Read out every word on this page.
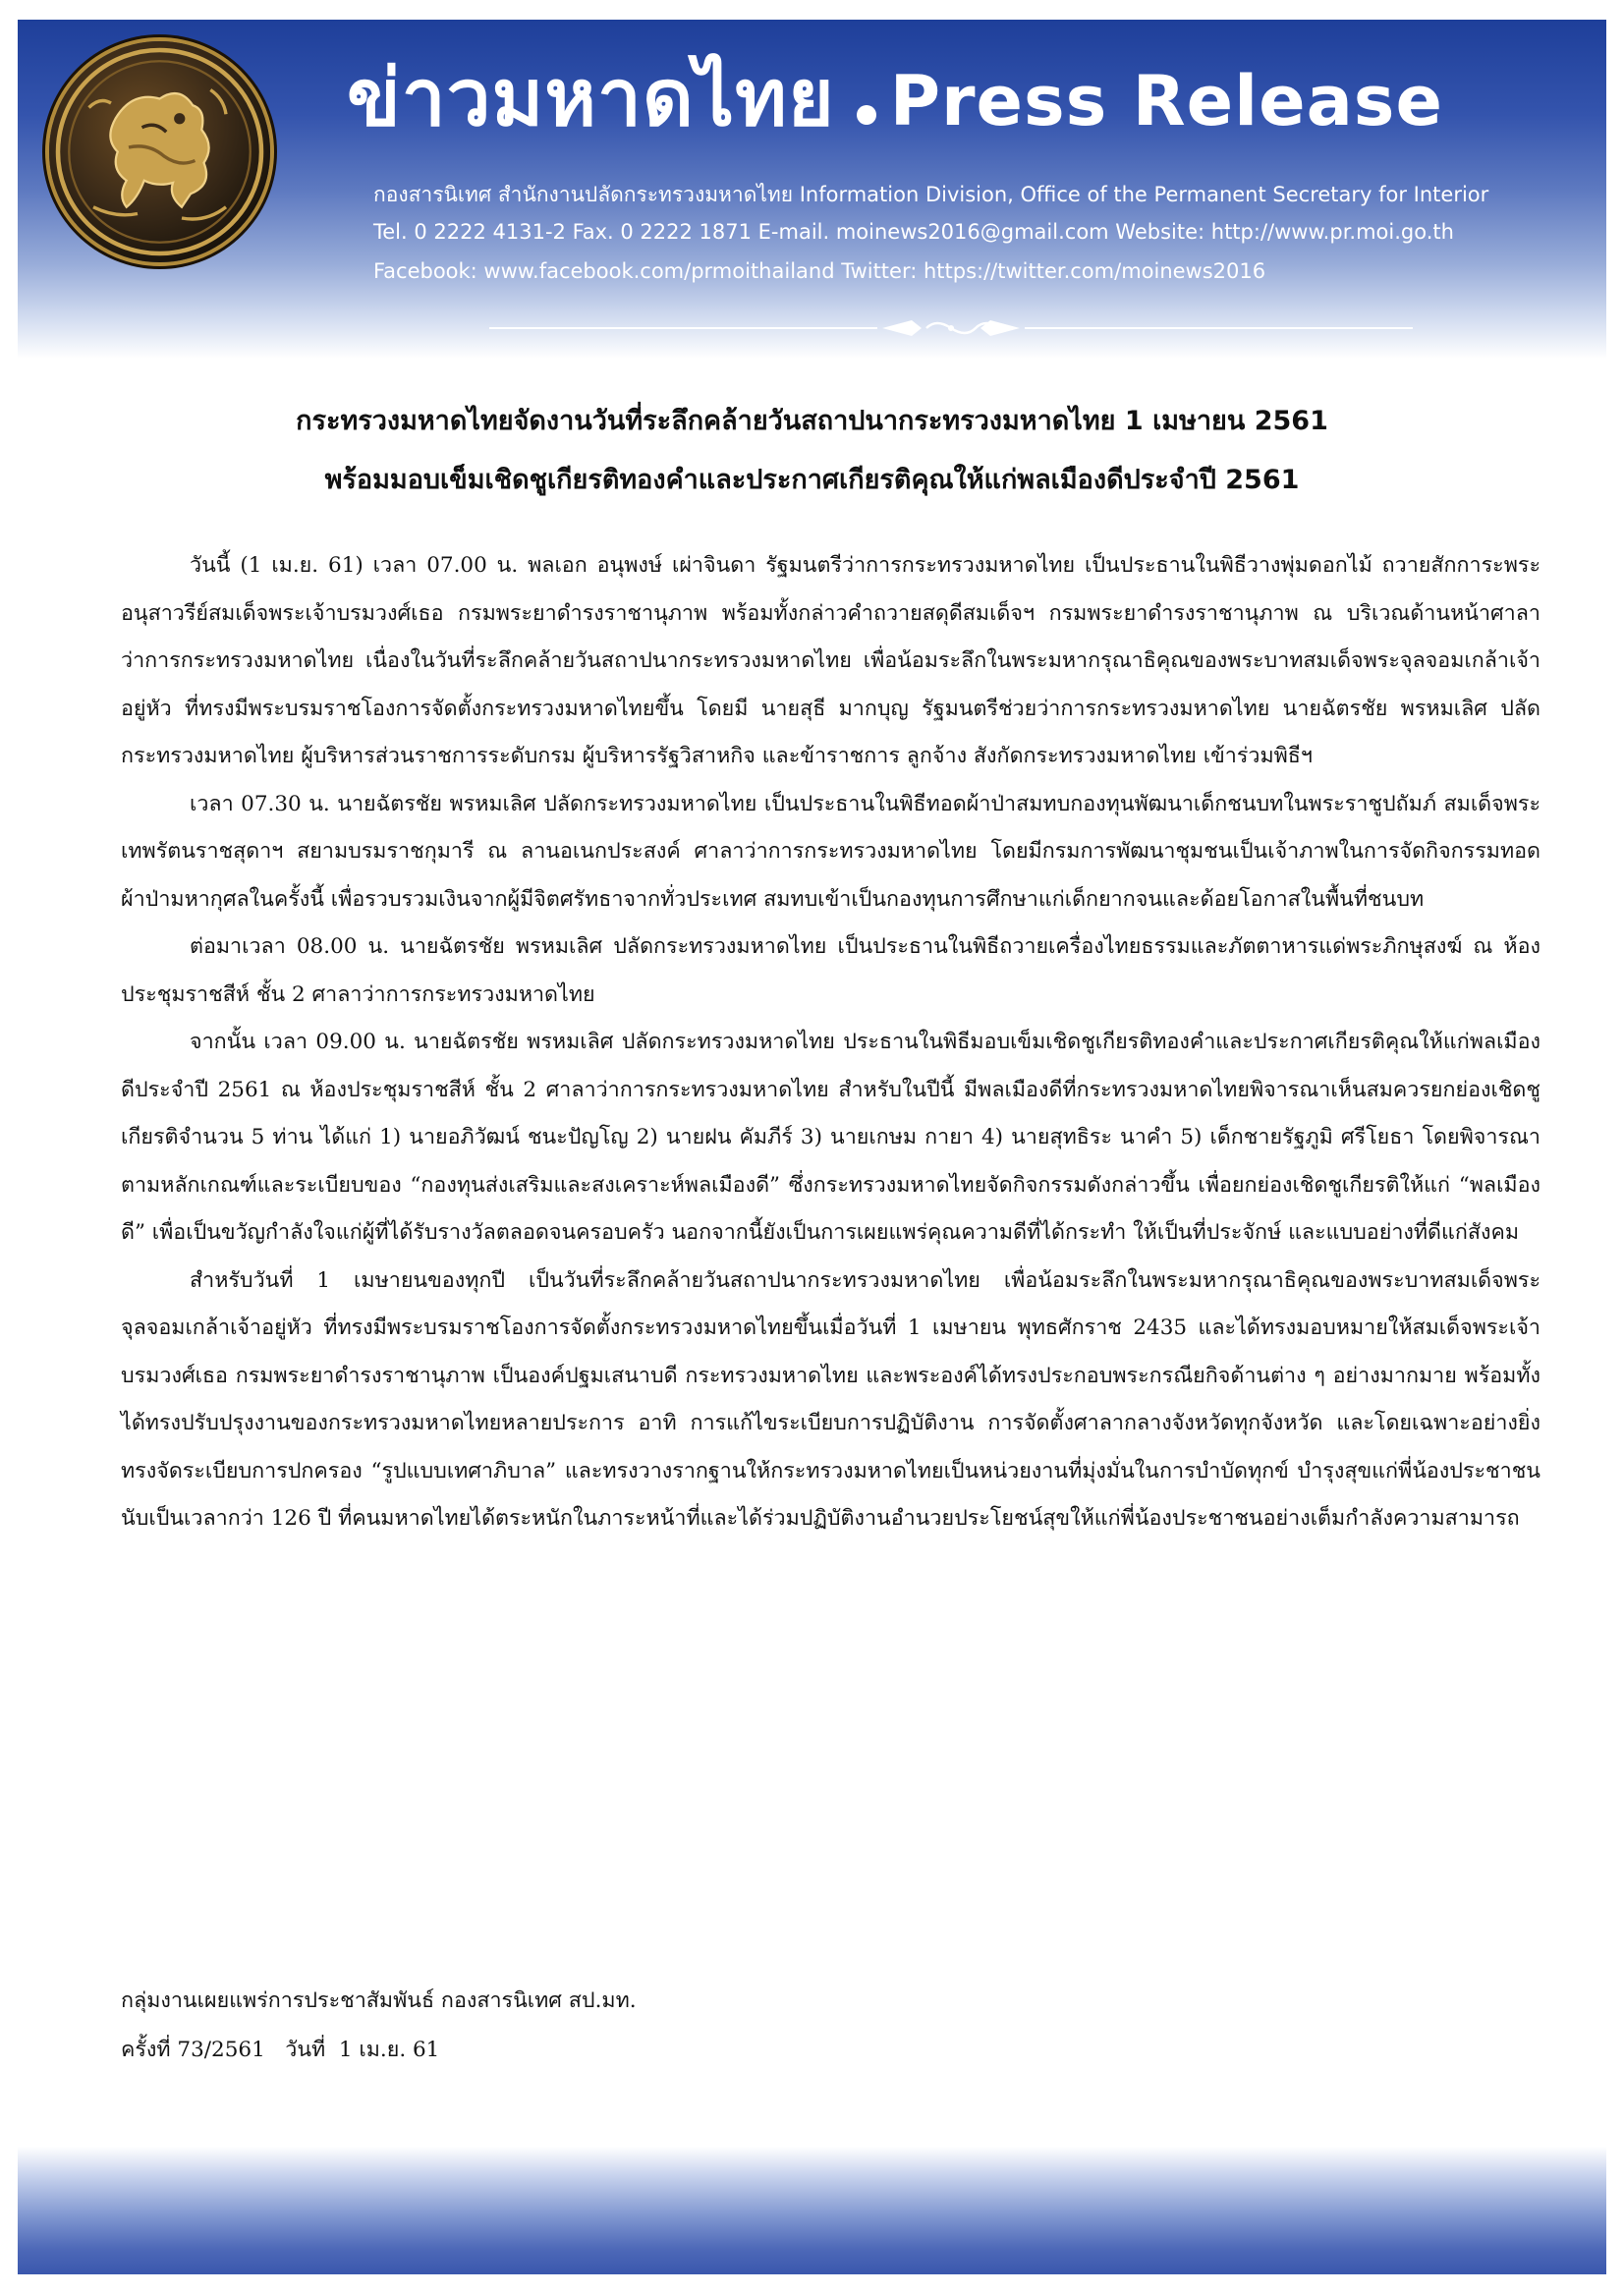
ข่าวมหาดไทย Press Release
กองสารนิเทศ สำนักงานปลัดกระทรวงมหาดไทย Information Division, Office of the Permanent Secretary for Interior
Tel. 0 2222 4131-2 Fax. 0 2222 1871 E-mail. moinews2016@gmail.com Website: http://www.pr.moi.go.th
Facebook: www.facebook.com/prmoithailand Twitter: https://twitter.com/moinews2016
กระทรวงมหาดไทยจัดงานวันที่ระลึกคล้ายวันสถาปนากระทรวงมหาดไทย 1 เมษายน 2561
พร้อมมอบเข็มเชิดชูเกียรติทองคำและประกาศเกียรติคุณให้แก่พลเมืองดีประจำปี 2561

วันนี้ (1 เม.ย. 61) เวลา 07.00 น. พลเอก อนุพงษ์ เผ่าจินดา รัฐมนตรีว่าการกระทรวงมหาดไทย เป็นประธานในพิธีวางพุ่มดอกไม้ ถวายสักการะพระอนุสาวรีย์สมเด็จพระเจ้าบรมวงศ์เธอ กรมพระยาดำรงราชานุภาพ พร้อมทั้งกล่าวคำถวายสดุดีสมเด็จฯ กรมพระยาดำรงราชานุภาพ ณ บริเวณด้านหน้าศาลาว่าการกระทรวงมหาดไทย เนื่องในวันที่ระลึกคล้ายวันสถาปนากระทรวงมหาดไทย เพื่อน้อมระลึกในพระมหากรุณาธิคุณของพระบาทสมเด็จพระจุลจอมเกล้าเจ้าอยู่หัว ที่ทรงมีพระบรมราชโองการจัดตั้งกระทรวงมหาดไทยขึ้น โดยมี นายสุธี มากบุญ รัฐมนตรีช่วยว่าการกระทรวงมหาดไทย นายฉัตรชัย พรหมเลิศ ปลัดกระทรวงมหาดไทย ผู้บริหารส่วนราชการระดับกรม ผู้บริหารรัฐวิสาหกิจ และข้าราชการ ลูกจ้าง สังกัดกระทรวงมหาดไทย เข้าร่วมพิธีฯ

เวลา 07.30 น. นายฉัตรชัย พรหมเลิศ ปลัดกระทรวงมหาดไทย เป็นประธานในพิธีทอดผ้าป่าสมทบกองทุนพัฒนาเด็กชนบทในพระราชูปถัมภ์ สมเด็จพระเทพรัตนราชสุดาฯ สยามบรมราชกุมารี ณ ลานอเนกประสงค์ ศาลาว่าการกระทรวงมหาดไทย โดยมีกรมการพัฒนาชุมชนเป็นเจ้าภาพในการจัดกิจกรรมทอดผ้าป่ามหากุศลในครั้งนี้ เพื่อรวบรวมเงินจากผู้มีจิตศรัทธาจากทั่วประเทศ สมทบเข้าเป็นกองทุนการศึกษาแก่เด็กยากจนและด้อยโอกาสในพื้นที่ชนบท

ต่อมาเวลา 08.00 น. นายฉัตรชัย พรหมเลิศ ปลัดกระทรวงมหาดไทย เป็นประธานในพิธีถวายเครื่องไทยธรรมและภัตตาหารแด่พระภิกษุสงฆ์ ณ ห้องประชุมราชสีห์ ชั้น 2 ศาลาว่าการกระทรวงมหาดไทย

จากนั้น เวลา 09.00 น. นายฉัตรชัย พรหมเลิศ ปลัดกระทรวงมหาดไทย ประธานในพิธีมอบเข็มเชิดชูเกียรติทองคำและประกาศเกียรติคุณให้แก่พลเมืองดีประจำปี 2561 ณ ห้องประชุมราชสีห์ ชั้น 2 ศาลาว่าการกระทรวงมหาดไทย สำหรับในปีนี้ มีพลเมืองดีที่กระทรวงมหาดไทยพิจารณาเห็นสมควรยกย่องเชิดชูเกียรติจำนวน 5 ท่าน ได้แก่ 1) นายอภิวัฒน์ ชนะปัญโญ 2) นายฝน คัมภีร์ 3) นายเกษม กายา 4) นายสุทธิระ นาคำ 5) เด็กชายรัฐภูมิ ศรีโยธา โดยพิจารณาตามหลักเกณฑ์และระเบียบของ “กองทุนส่งเสริมและสงเคราะห์พลเมืองดี” ซึ่งกระทรวงมหาดไทยจัดกิจกรรมดังกล่าวขึ้น เพื่อยกย่องเชิดชูเกียรติให้แก่ “พลเมืองดี” เพื่อเป็นขวัญกำลังใจแก่ผู้ที่ได้รับรางวัลตลอดจนครอบครัว นอกจากนี้ยังเป็นการเผยแพร่คุณความดีที่ได้กระทำ ให้เป็นที่ประจักษ์ และแบบอย่างที่ดีแก่สังคม

สำหรับวันที่ 1 เมษายนของทุกปี เป็นวันที่ระลึกคล้ายวันสถาปนากระทรวงมหาดไทย เพื่อน้อมระลึกในพระมหากรุณาธิคุณของพระบาทสมเด็จพระจุลจอมเกล้าเจ้าอยู่หัว ที่ทรงมีพระบรมราชโองการจัดตั้งกระทรวงมหาดไทยขึ้นเมื่อวันที่ 1 เมษายน พุทธศักราช 2435 และได้ทรงมอบหมายให้สมเด็จพระเจ้าบรมวงศ์เธอ กรมพระยาดำรงราชานุภาพ เป็นองค์ปฐมเสนาบดี กระทรวงมหาดไทย และพระองค์ได้ทรงประกอบพระกรณียกิจด้านต่าง ๆ อย่างมากมาย พร้อมทั้งได้ทรงปรับปรุงงานของกระทรวงมหาดไทยหลายประการ อาทิ การแก้ไขระเบียบการปฏิบัติงาน การจัดตั้งศาลากลางจังหวัดทุกจังหวัด และโดยเฉพาะอย่างยิ่งทรงจัดระเบียบการปกครอง “รูปแบบเทศาภิบาล” และทรงวางรากฐานให้กระทรวงมหาดไทยเป็นหน่วยงานที่มุ่งมั่นในการบำบัดทุกข์ บำรุงสุขแก่พี่น้องประชาชน นับเป็นเวลากว่า 126 ปี ที่คนมหาดไทยได้ตระหนักในภาระหน้าที่และได้ร่วมปฏิบัติงานอำนวยประโยชน์สุขให้แก่พี่น้องประชาชนอย่างเต็มกำลังความสามารถ

กลุ่มงานเผยแพร่การประชาสัมพันธ์ กองสารนิเทศ สป.มท.
ครั้งที่ 73/2561   วันที่  1 เม.ย. 61
